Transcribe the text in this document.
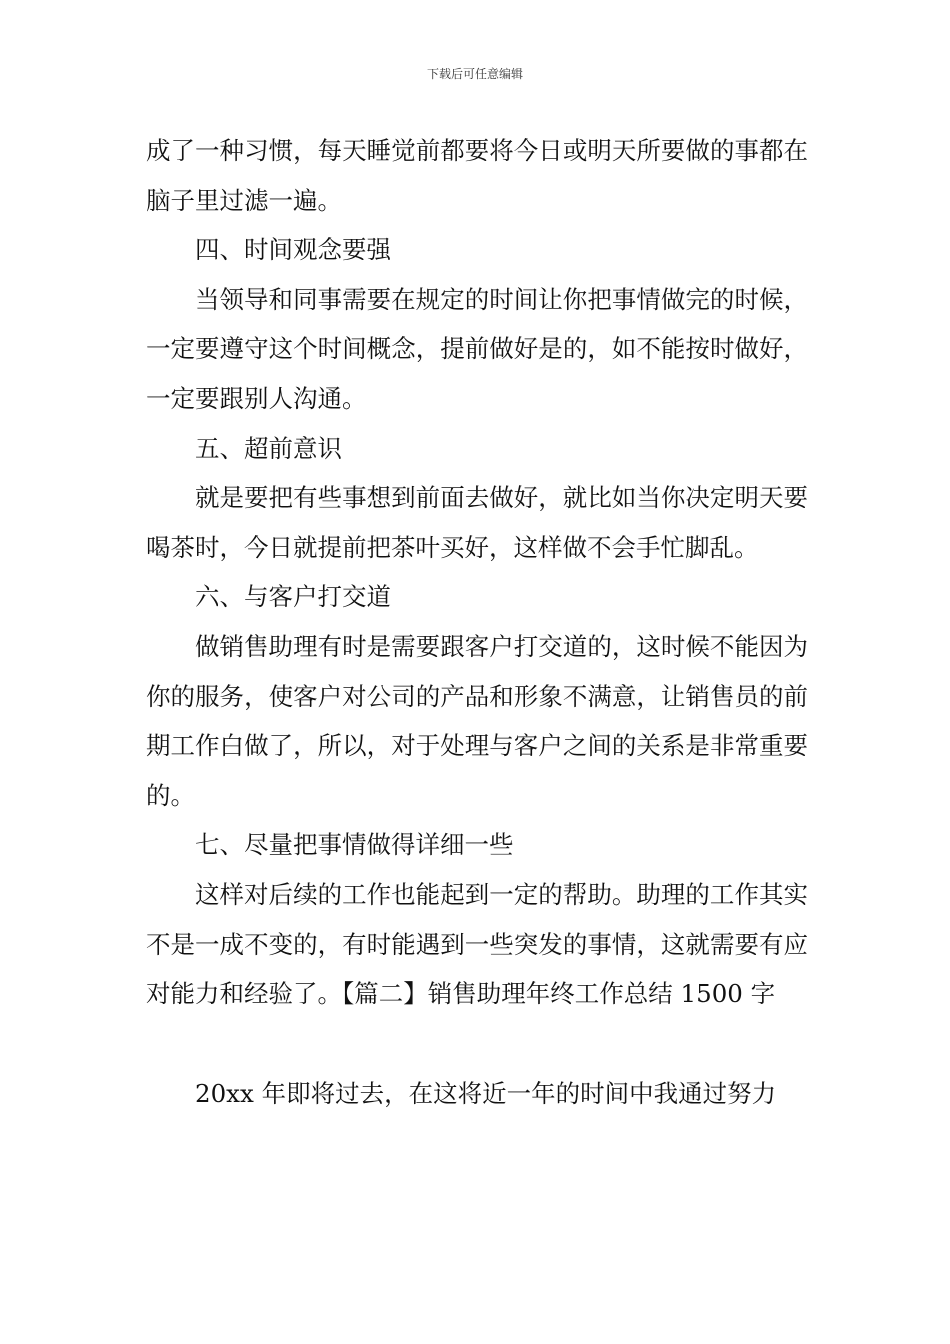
下载后可任意编辑

成了一种习惯，每天睡觉前都要将今日或明天所要做的事都在脑子里过滤一遍。

四、时间观念要强

当领导和同事需要在规定的时间让你把事情做完的时候，一定要遵守这个时间概念，提前做好是的，如不能按时做好，一定要跟别人沟通。

五、超前意识

就是要把有些事想到前面去做好，就比如当你决定明天要喝茶时，今日就提前把茶叶买好，这样做不会手忙脚乱。

六、与客户打交道

做销售助理有时是需要跟客户打交道的，这时候不能因为你的服务，使客户对公司的产品和形象不满意，让销售员的前期工作白做了，所以，对于处理与客户之间的关系是非常重要的。

七、尽量把事情做得详细一些

这样对后续的工作也能起到一定的帮助。助理的工作其实不是一成不变的，有时能遇到一些突发的事情，这就需要有应对能力和经验了。【篇二】销售助理年终工作总结 1500 字

20xx 年即将过去，在这将近一年的时间中我通过努力
